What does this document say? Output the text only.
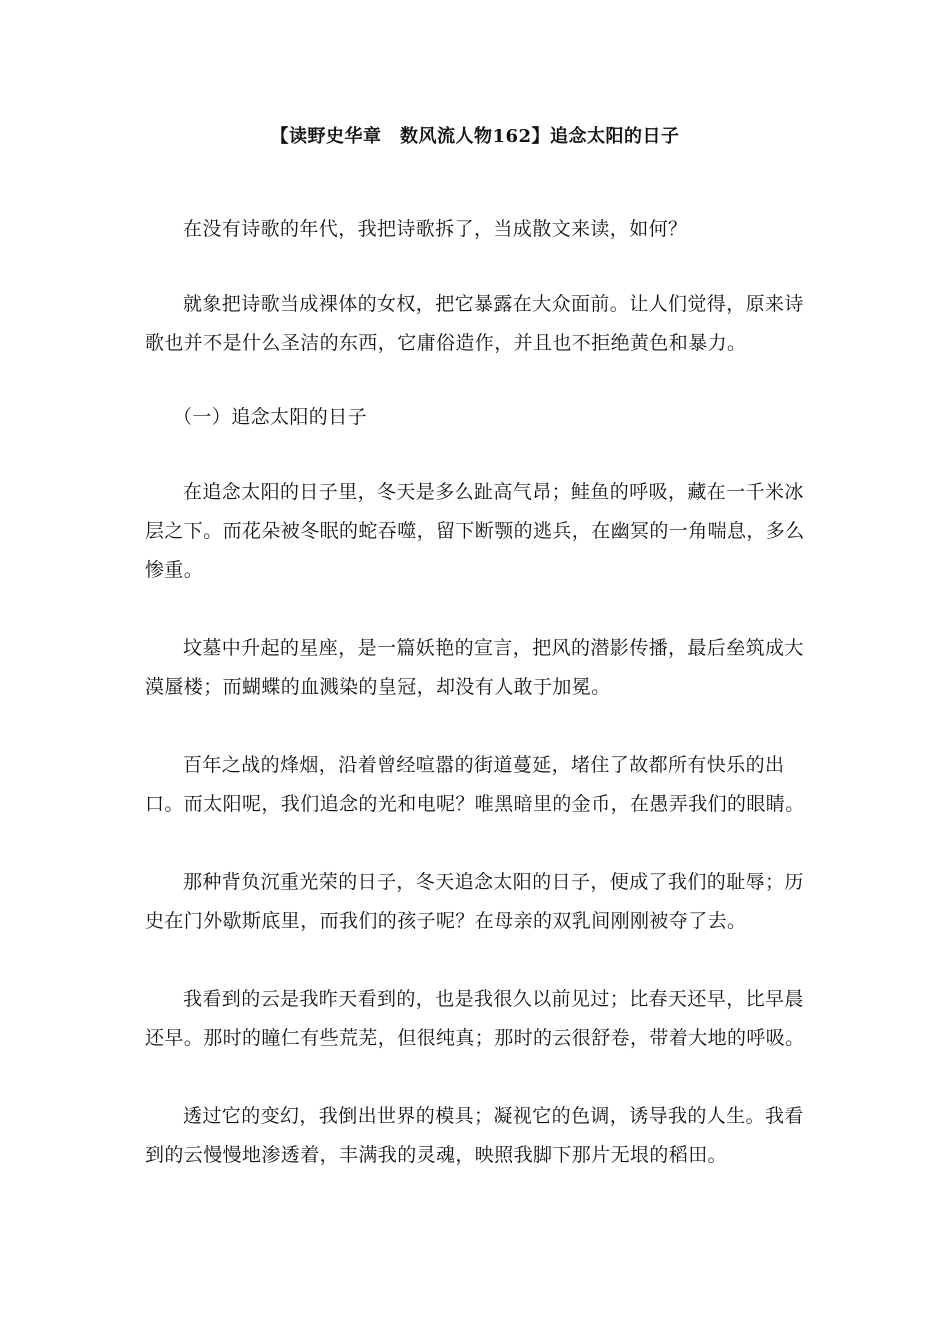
【读野史华章　数风流人物162】追念太阳的日子

在没有诗歌的年代，我把诗歌拆了，当成散文来读，如何？

就象把诗歌当成裸体的女权，把它暴露在大众面前。让人们觉得，原来诗歌也并不是什么圣洁的东西，它庸俗造作，并且也不拒绝黄色和暴力。

（一）追念太阳的日子

在追念太阳的日子里，冬天是多么趾高气昂；鲑鱼的呼吸，藏在一千米冰层之下。而花朵被冬眠的蛇吞噬，留下断颚的逃兵，在幽冥的一角喘息，多么惨重。

坟墓中升起的星座，是一篇妖艳的宣言，把风的潜影传播，最后垒筑成大漠蜃楼；而蝴蝶的血溅染的皇冠，却没有人敢于加冕。

百年之战的烽烟，沿着曾经喧嚣的街道蔓延，堵住了故都所有快乐的出口。而太阳呢，我们追念的光和电呢？唯黑暗里的金币，在愚弄我们的眼睛。

那种背负沉重光荣的日子，冬天追念太阳的日子，便成了我们的耻辱；历史在门外歇斯底里，而我们的孩子呢？在母亲的双乳间刚刚被夺了去。

我看到的云是我昨天看到的，也是我很久以前见过；比春天还早，比早晨还早。那时的瞳仁有些荒芜，但很纯真；那时的云很舒卷，带着大地的呼吸。

透过它的变幻，我倒出世界的模具；凝视它的色调，诱导我的人生。我看到的云慢慢地渗透着，丰满我的灵魂，映照我脚下那片无垠的稻田。
